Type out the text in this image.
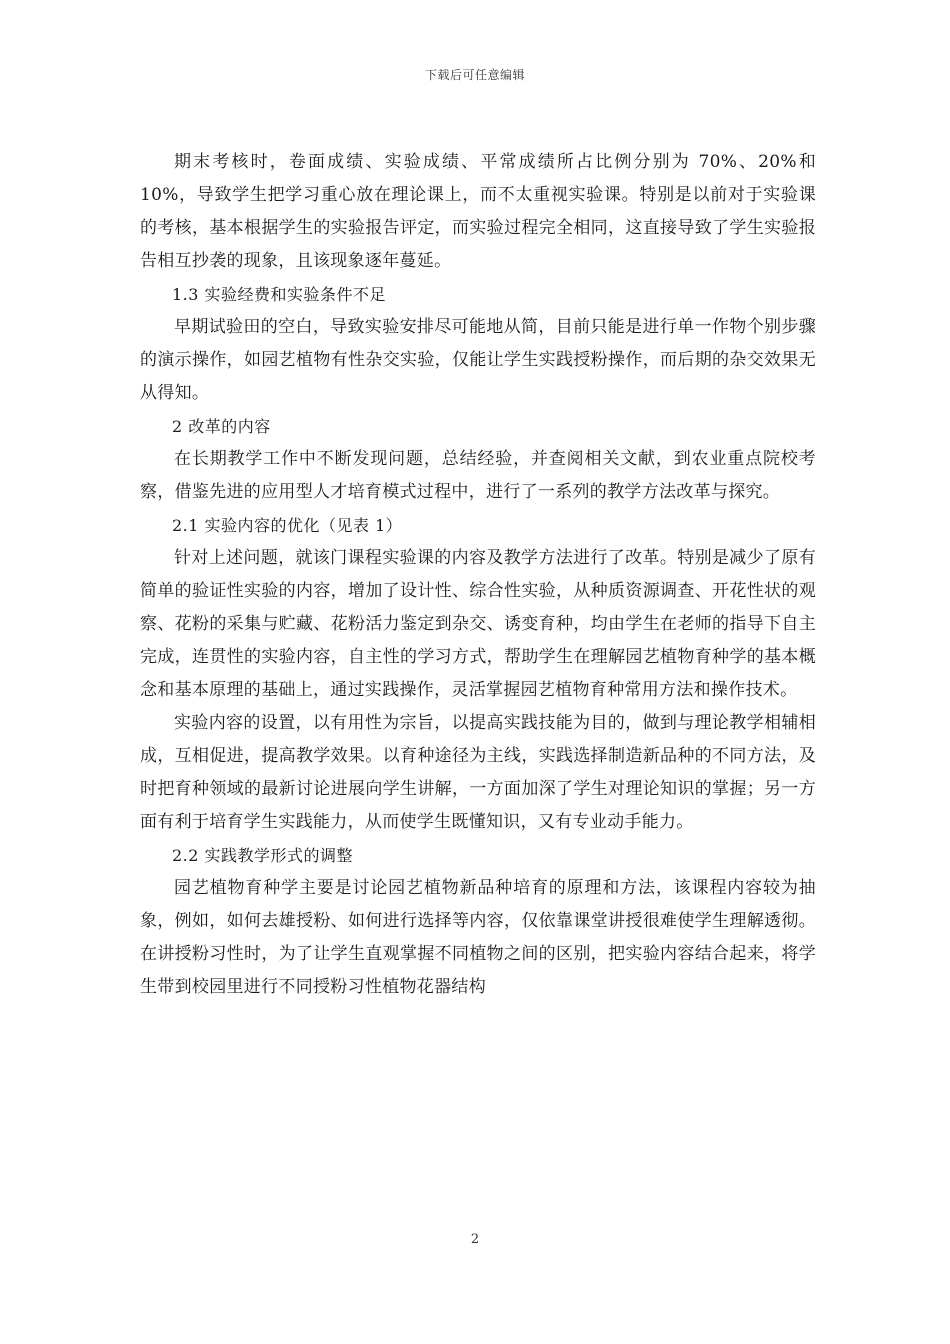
下载后可任意编辑

期末考核时，卷面成绩、实验成绩、平常成绩所占比例分别为 70%、20%和 10%，导致学生把学习重心放在理论课上，而不太重视实验课。特别是以前对于实验课的考核，基本根据学生的实验报告评定，而实验过程完全相同，这直接导致了学生实验报告相互抄袭的现象，且该现象逐年蔓延。

1.3 实验经费和实验条件不足

早期试验田的空白，导致实验安排尽可能地从简，目前只能是进行单一作物个别步骤的演示操作，如园艺植物有性杂交实验，仅能让学生实践授粉操作，而后期的杂交效果无从得知。

2 改革的内容

在长期教学工作中不断发现问题，总结经验，并查阅相关文献，到农业重点院校考察，借鉴先进的应用型人才培育模式过程中，进行了一系列的教学方法改革与探究。

2.1 实验内容的优化（见表 1）

针对上述问题，就该门课程实验课的内容及教学方法进行了改革。特别是减少了原有简单的验证性实验的内容，增加了设计性、综合性实验，从种质资源调查、开花性状的观察、花粉的采集与贮藏、花粉活力鉴定到杂交、诱变育种，均由学生在老师的指导下自主完成，连贯性的实验内容，自主性的学习方式，帮助学生在理解园艺植物育种学的基本概念和基本原理的基础上，通过实践操作，灵活掌握园艺植物育种常用方法和操作技术。

实验内容的设置，以有用性为宗旨，以提高实践技能为目的，做到与理论教学相辅相成，互相促进，提高教学效果。以育种途径为主线，实践选择制造新品种的不同方法，及时把育种领域的最新讨论进展向学生讲解，一方面加深了学生对理论知识的掌握；另一方面有利于培育学生实践能力，从而使学生既懂知识，又有专业动手能力。

2.2 实践教学形式的调整

园艺植物育种学主要是讨论园艺植物新品种培育的原理和方法，该课程内容较为抽象，例如，如何去雄授粉、如何进行选择等内容，仅依靠课堂讲授很难使学生理解透彻。在讲授粉习性时，为了让学生直观掌握不同植物之间的区别，把实验内容结合起来，将学生带到校园里进行不同授粉习性植物花器结构

2
